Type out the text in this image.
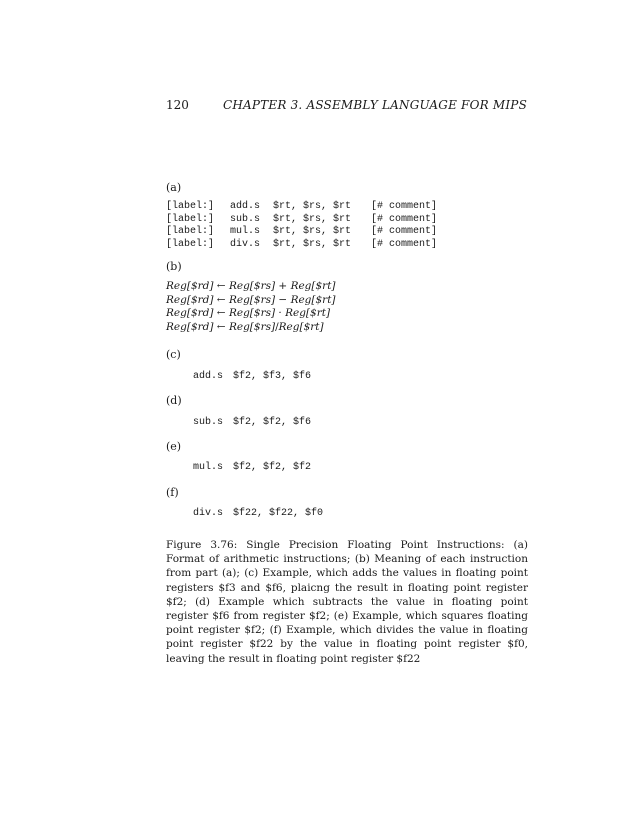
120	CHAPTER 3. ASSEMBLY LANGUAGE FOR MIPS
(a)
[label:]	add.s	$rt, $rs, $rt	[# comment]
[label:]	sub.s	$rt, $rs, $rt	[# comment]
[label:]	mul.s	$rt, $rs, $rt	[# comment]
[label:]	div.s	$rt, $rs, $rt	[# comment]
(b)
Reg[$rd] ← Reg[$rs] + Reg[$rt]
Reg[$rd] ← Reg[$rs] − Reg[$rt]
Reg[$rd] ← Reg[$rs] · Reg[$rt]
Reg[$rd] ← Reg[$rs]/Reg[$rt]
(c)
add.s $f2, $f3, $f6
(d)
sub.s $f2, $f2, $f6
(e)
mul.s $f2, $f2, $f2
(f)
div.s $f22, $f22, $f0
Figure 3.76: Single Precision Floating Point Instructions: (a) Format of arithmetic instructions; (b) Meaning of each instruction from part (a); (c) Example, which adds the values in floating point registers $f3 and $f6, plaicng the result in floating point register $f2; (d) Example which subtracts the value in floating point register $f6 from register $f2; (e) Example, which squares floating point register $f2; (f) Example, which divides the value in floating point register $f22 by the value in floating point register $f0, leaving the result in floating point register $f22
